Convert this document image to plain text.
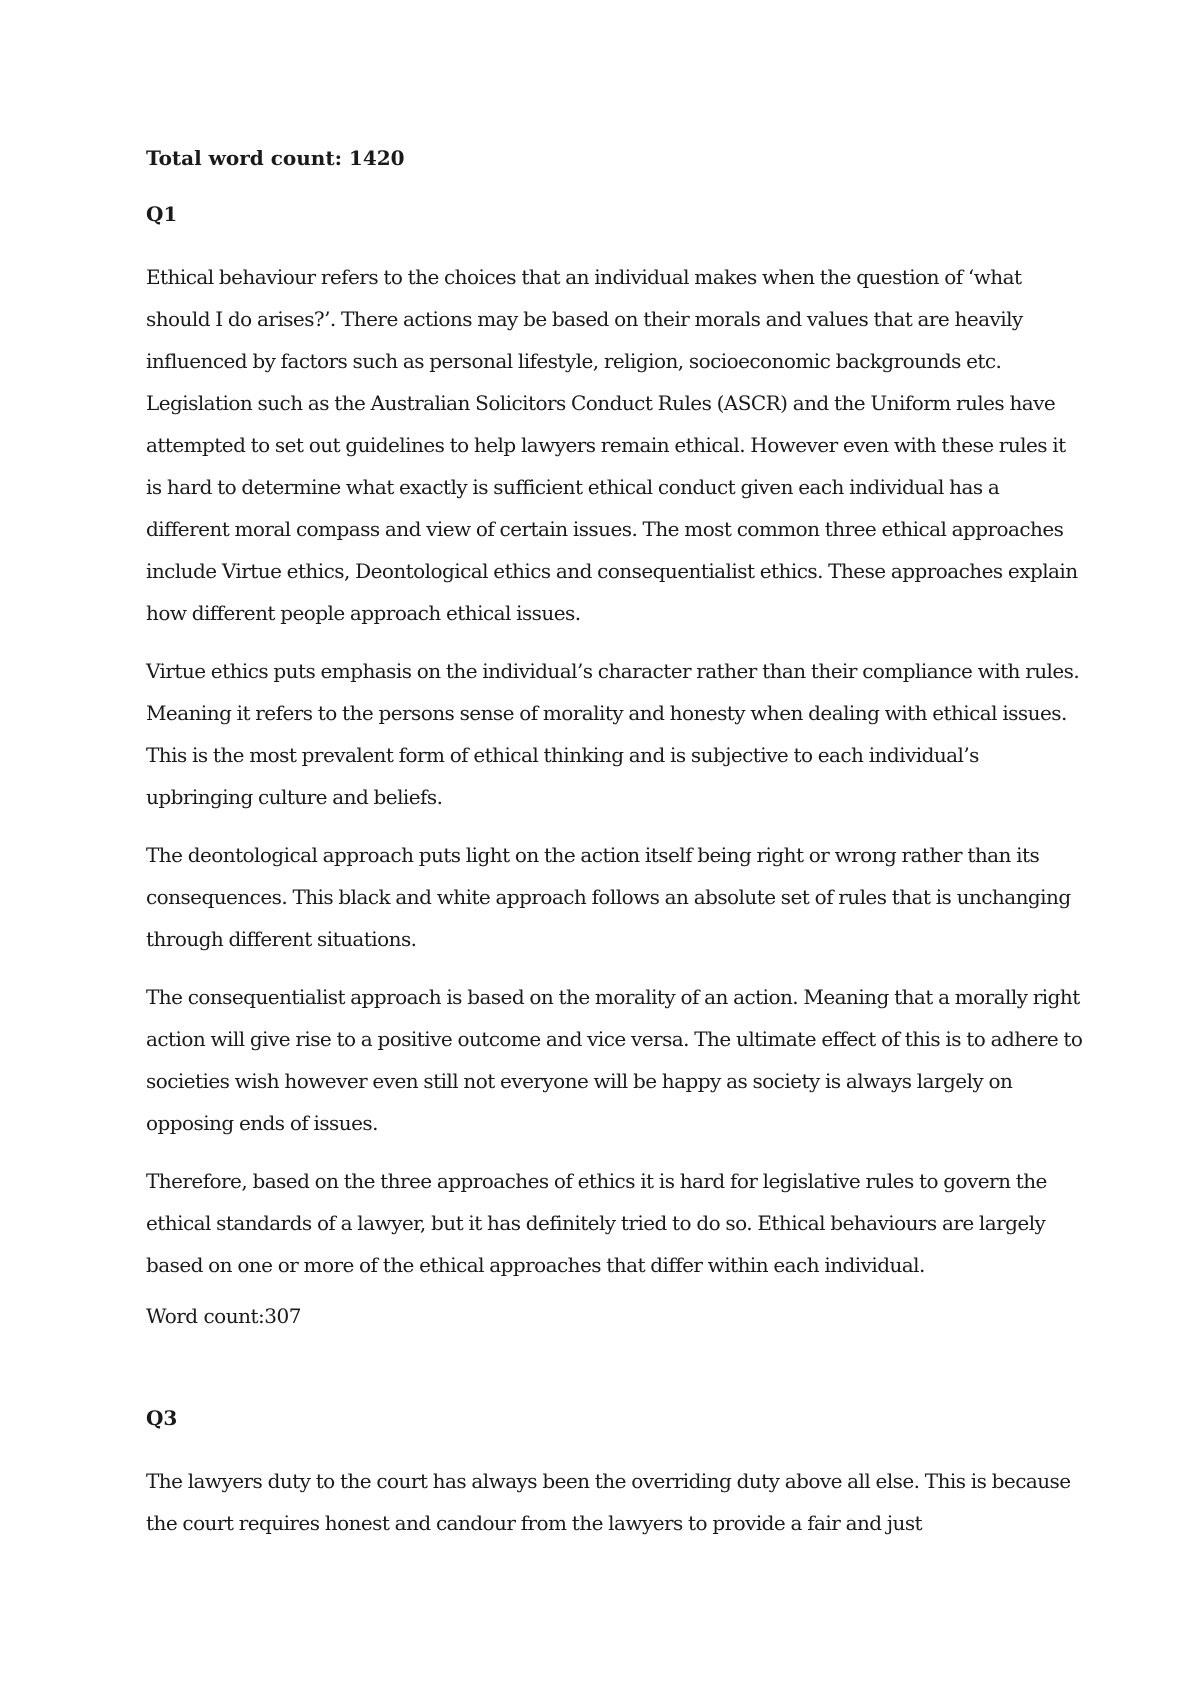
Total word count: 1420

Q1

Ethical behaviour refers to the choices that an individual makes when the question of ‘what should I do arises?’. There actions may be based on their morals and values that are heavily influenced by factors such as personal lifestyle, religion, socioeconomic backgrounds etc. Legislation such as the Australian Solicitors Conduct Rules (ASCR) and the Uniform rules have attempted to set out guidelines to help lawyers remain ethical. However even with these rules it is hard to determine what exactly is sufficient ethical conduct given each individual has a different moral compass and view of certain issues. The most common three ethical approaches include Virtue ethics, Deontological ethics and consequentialist ethics. These approaches explain how different people approach ethical issues.

Virtue ethics puts emphasis on the individual’s character rather than their compliance with rules. Meaning it refers to the persons sense of morality and honesty when dealing with ethical issues. This is the most prevalent form of ethical thinking and is subjective to each individual’s upbringing culture and beliefs.

The deontological approach puts light on the action itself being right or wrong rather than its consequences. This black and white approach follows an absolute set of rules that is unchanging through different situations.

The consequentialist approach is based on the morality of an action. Meaning that a morally right action will give rise to a positive outcome and vice versa. The ultimate effect of this is to adhere to societies wish however even still not everyone will be happy as society is always largely on opposing ends of issues.

Therefore, based on the three approaches of ethics it is hard for legislative rules to govern the ethical standards of a lawyer, but it has definitely tried to do so. Ethical behaviours are largely based on one or more of the ethical approaches that differ within each individual.

Word count:307

Q3

The lawyers duty to the court has always been the overriding duty above all else. This is because the court requires honest and candour from the lawyers to provide a fair and just
